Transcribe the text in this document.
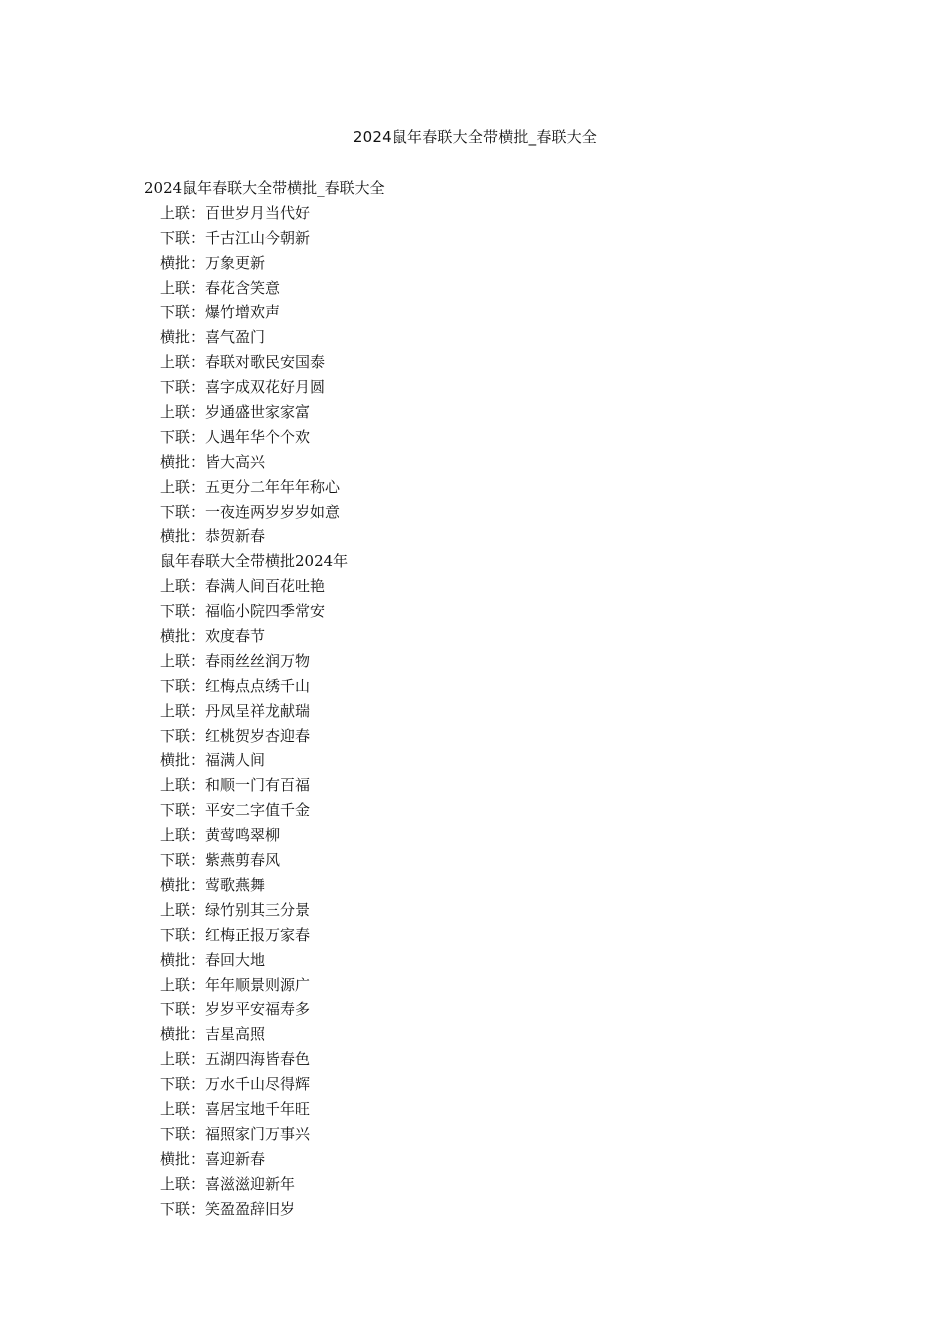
2024鼠年春联大全带横批_春联大全
2024鼠年春联大全带横批_春联大全
上联：百世岁月当代好
下联：千古江山今朝新
横批：万象更新
上联：春花含笑意
下联：爆竹增欢声
横批：喜气盈门
上联：春联对歌民安国泰
下联：喜字成双花好月圆
上联：岁通盛世家家富
下联：人遇年华个个欢
横批：皆大高兴
上联：五更分二年年年称心
下联：一夜连两岁岁岁如意
横批：恭贺新春
鼠年春联大全带横批2024年
上联：春满人间百花吐艳
下联：福临小院四季常安
横批：欢度春节
上联：春雨丝丝润万物
下联：红梅点点绣千山
上联：丹凤呈祥龙献瑞
下联：红桃贺岁杏迎春
横批：福满人间
上联：和顺一门有百福
下联：平安二字值千金
上联：黄莺鸣翠柳
下联：紫燕剪春风
横批：莺歌燕舞
上联：绿竹别其三分景
下联：红梅正报万家春
横批：春回大地
上联：年年顺景则源广
下联：岁岁平安福寿多
横批：吉星高照
上联：五湖四海皆春色
下联：万水千山尽得辉
上联：喜居宝地千年旺
下联：福照家门万事兴
横批：喜迎新春
上联：喜滋滋迎新年
下联：笑盈盈辞旧岁
